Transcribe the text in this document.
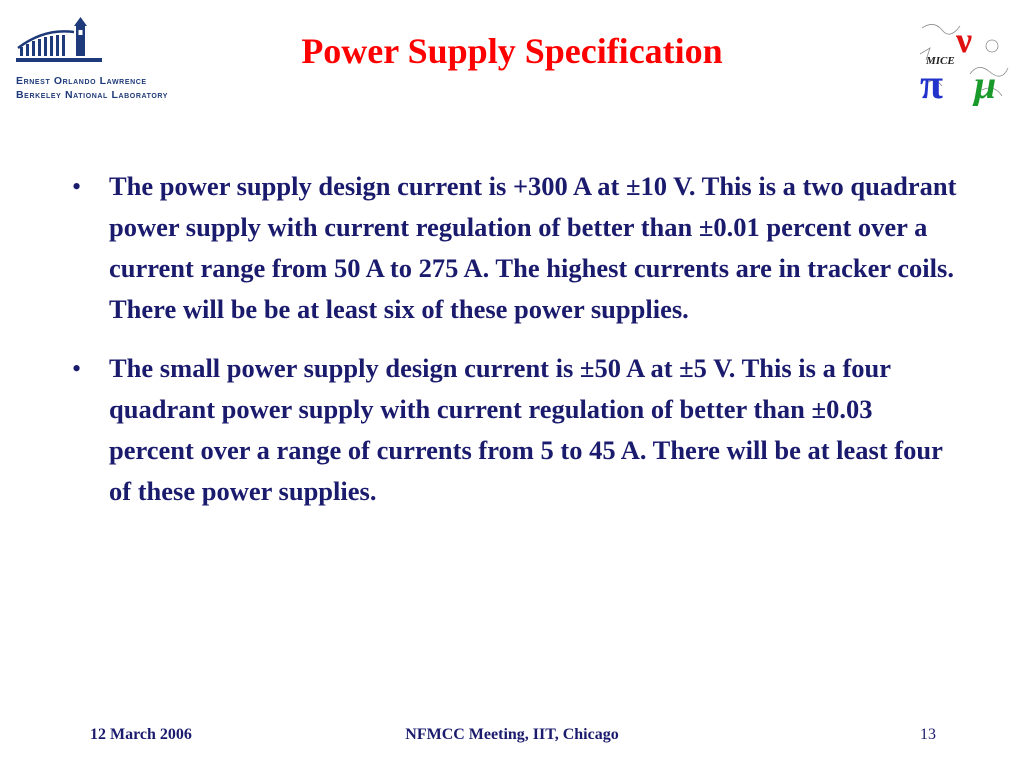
Ernest Orlando Lawrence
Berkeley National Laboratory
Power Supply Specification	ν
MICE
π μ
• The power supply design current is +300 A at ±10 V. This is a two quadrant power supply with current regulation of better than ±0.01 percent over a current range from 50 A to 275 A. The highest currents are in tracker coils. There will be be at least six of these power supplies.
• The small power supply design current is ±50 A at ±5 V. This is a four quadrant power supply with current regulation of better than ±0.03 percent over a range of currents from 5 to 45 A. There will be at least four of these power supplies.
12 March 2006	NFMCC Meeting, IIT, Chicago	13
